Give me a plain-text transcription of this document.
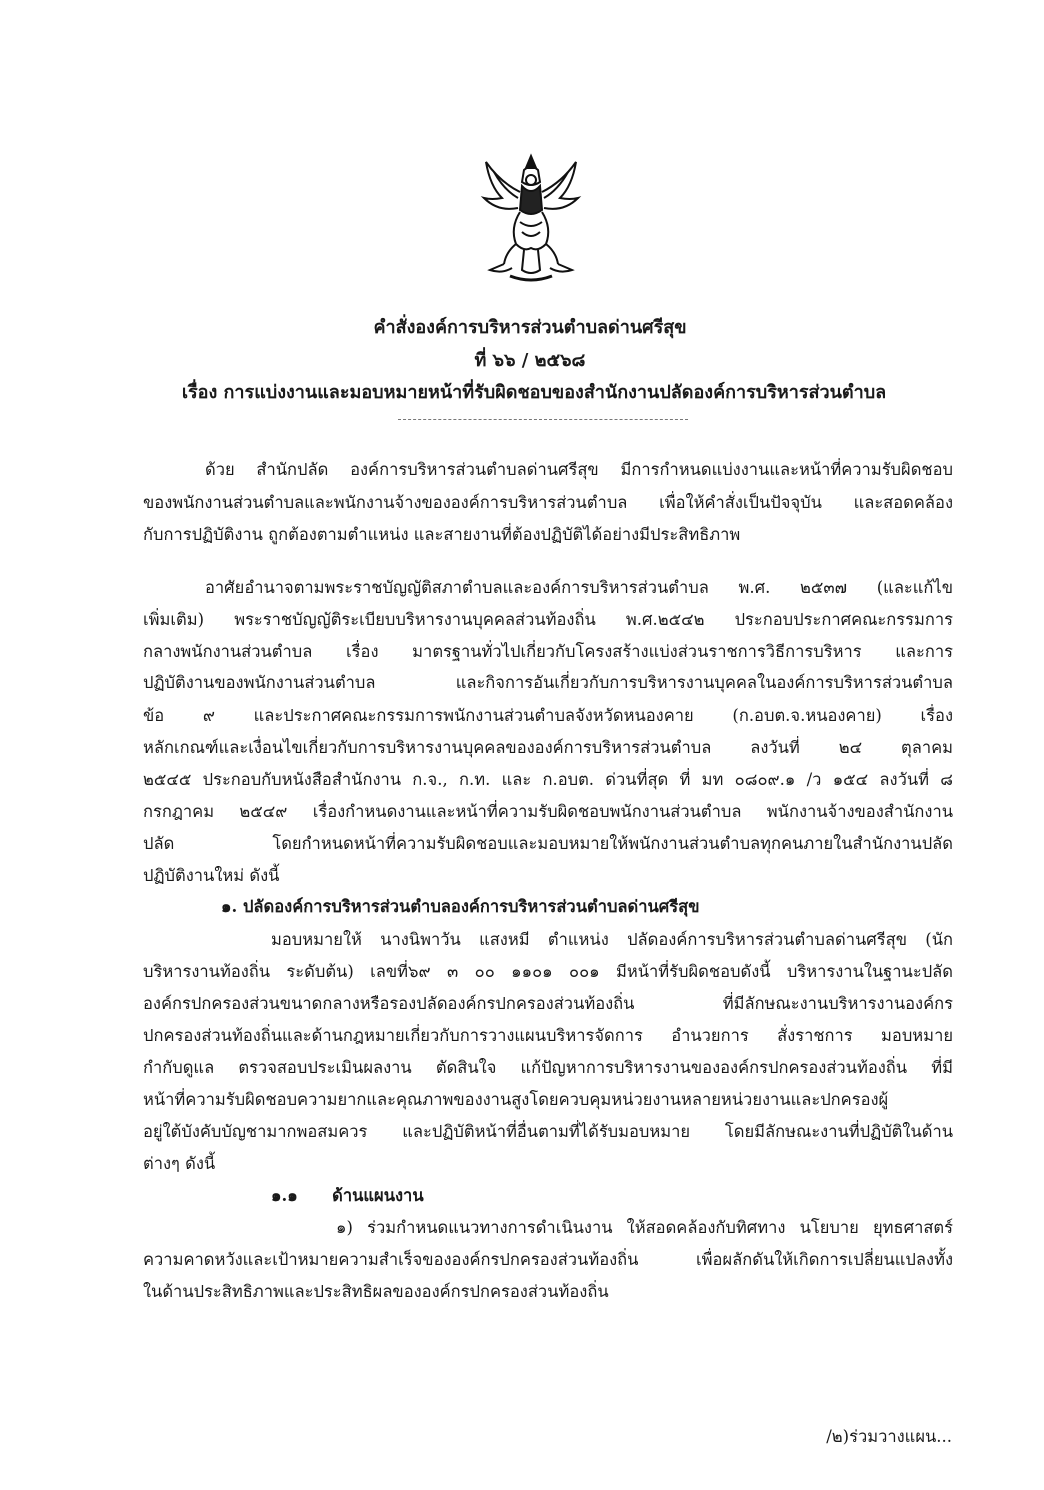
คำสั่งองค์การบริหารส่วนตำบลด่านศรีสุข
ที่ ๖๖ / ๒๕๖๘
เรื่อง การแบ่งงานและมอบหมายหน้าที่รับผิดชอบของสำนักงานปลัดองค์การบริหารส่วนตำบล
ด้วย สำนักปลัด องค์การบริหารส่วนตำบลด่านศรีสุข มีการกำหนดแบ่งงานและหน้าที่ความรับผิดชอบ
ของพนักงานส่วนตำบลและพนักงานจ้างขององค์การบริหารส่วนตำบล เพื่อให้คำสั่งเป็นปัจจุบัน และสอดคล้อง
กับการปฏิบัติงาน ถูกต้องตามตำแหน่ง และสายงานที่ต้องปฏิบัติได้อย่างมีประสิทธิภาพ
อาศัยอำนาจตามพระราชบัญญัติสภาตำบลและองค์การบริหารส่วนตำบล พ.ศ. ๒๕๓๗ (และแก้ไข
เพิ่มเติม) พระราชบัญญัติระเบียบบริหารงานบุคคลส่วนท้องถิ่น พ.ศ.๒๕๔๒ ประกอบประกาศคณะกรรมการ
กลางพนักงานส่วนตำบล เรื่อง มาตรฐานทั่วไปเกี่ยวกับโครงสร้างแบ่งส่วนราชการวิธีการบริหาร และการ
ปฏิบัติงานของพนักงานส่วนตำบล และกิจการอันเกี่ยวกับการบริหารงานบุคคลในองค์การบริหารส่วนตำบล
ข้อ ๙ และประกาศคณะกรรมการพนักงานส่วนตำบลจังหวัดหนองคาย (ก.อบต.จ.หนองคาย) เรื่อง
หลักเกณฑ์และเงื่อนไขเกี่ยวกับการบริหารงานบุคคลขององค์การบริหารส่วนตำบล ลงวันที่ ๒๔ ตุลาคม
๒๕๔๕ ประกอบกับหนังสือสำนักงาน ก.จ., ก.ท. และ ก.อบต. ด่วนที่สุด ที่ มท ๐๘๐๙.๑ /ว ๑๕๔ ลงวันที่ ๘
กรกฎาคม ๒๕๔๙ เรื่องกำหนดงานและหน้าที่ความรับผิดชอบพนักงานส่วนตำบล พนักงานจ้างของสำนักงาน
ปลัด โดยกำหนดหน้าที่ความรับผิดชอบและมอบหมายให้พนักงานส่วนตำบลทุกคนภายในสำนักงานปลัด
ปฏิบัติงานใหม่ ดังนี้
๑. ปลัดองค์การบริหารส่วนตำบลองค์การบริหารส่วนตำบลด่านศรีสุข
มอบหมายให้ นางนิพาวัน แสงหมี ตำแหน่ง ปลัดองค์การบริหารส่วนตำบลด่านศรีสุข (นัก
บริหารงานท้องถิ่น ระดับต้น) เลขที่๖๙ ๓ ๐๐ ๑๑๐๑ ๐๐๑ มีหน้าที่รับผิดชอบดังนี้ บริหารงานในฐานะปลัด
องค์กรปกครองส่วนขนาดกลางหรือรองปลัดองค์กรปกครองส่วนท้องถิ่น ที่มีลักษณะงานบริหารงานองค์กร
ปกครองส่วนท้องถิ่นและด้านกฎหมายเกี่ยวกับการวางแผนบริหารจัดการ อำนวยการ สั่งราชการ มอบหมาย
กำกับดูแล ตรวจสอบประเมินผลงาน ตัดสินใจ แก้ปัญหาการบริหารงานขององค์กรปกครองส่วนท้องถิ่น ที่มี
หน้าที่ความรับผิดชอบความยากและคุณภาพของงานสูงโดยควบคุมหน่วยงานหลายหน่วยงานและปกครองผู้
อยู่ใต้บังคับบัญชามากพอสมควร และปฏิบัติหน้าที่อื่นตามที่ได้รับมอบหมาย โดยมีลักษณะงานที่ปฏิบัติในด้าน
ต่างๆ ดังนี้
๑.๑      ด้านแผนงาน
๑) ร่วมกำหนดแนวทางการดำเนินงาน ให้สอดคล้องกับทิศทาง นโยบาย ยุทธศาสตร์
ความคาดหวังและเป้าหมายความสำเร็จขององค์กรปกครองส่วนท้องถิ่น เพื่อผลักดันให้เกิดการเปลี่ยนแปลงทั้ง
ในด้านประสิทธิภาพและประสิทธิผลขององค์กรปกครองส่วนท้องถิ่น
/๒)ร่วมวางแผน...
